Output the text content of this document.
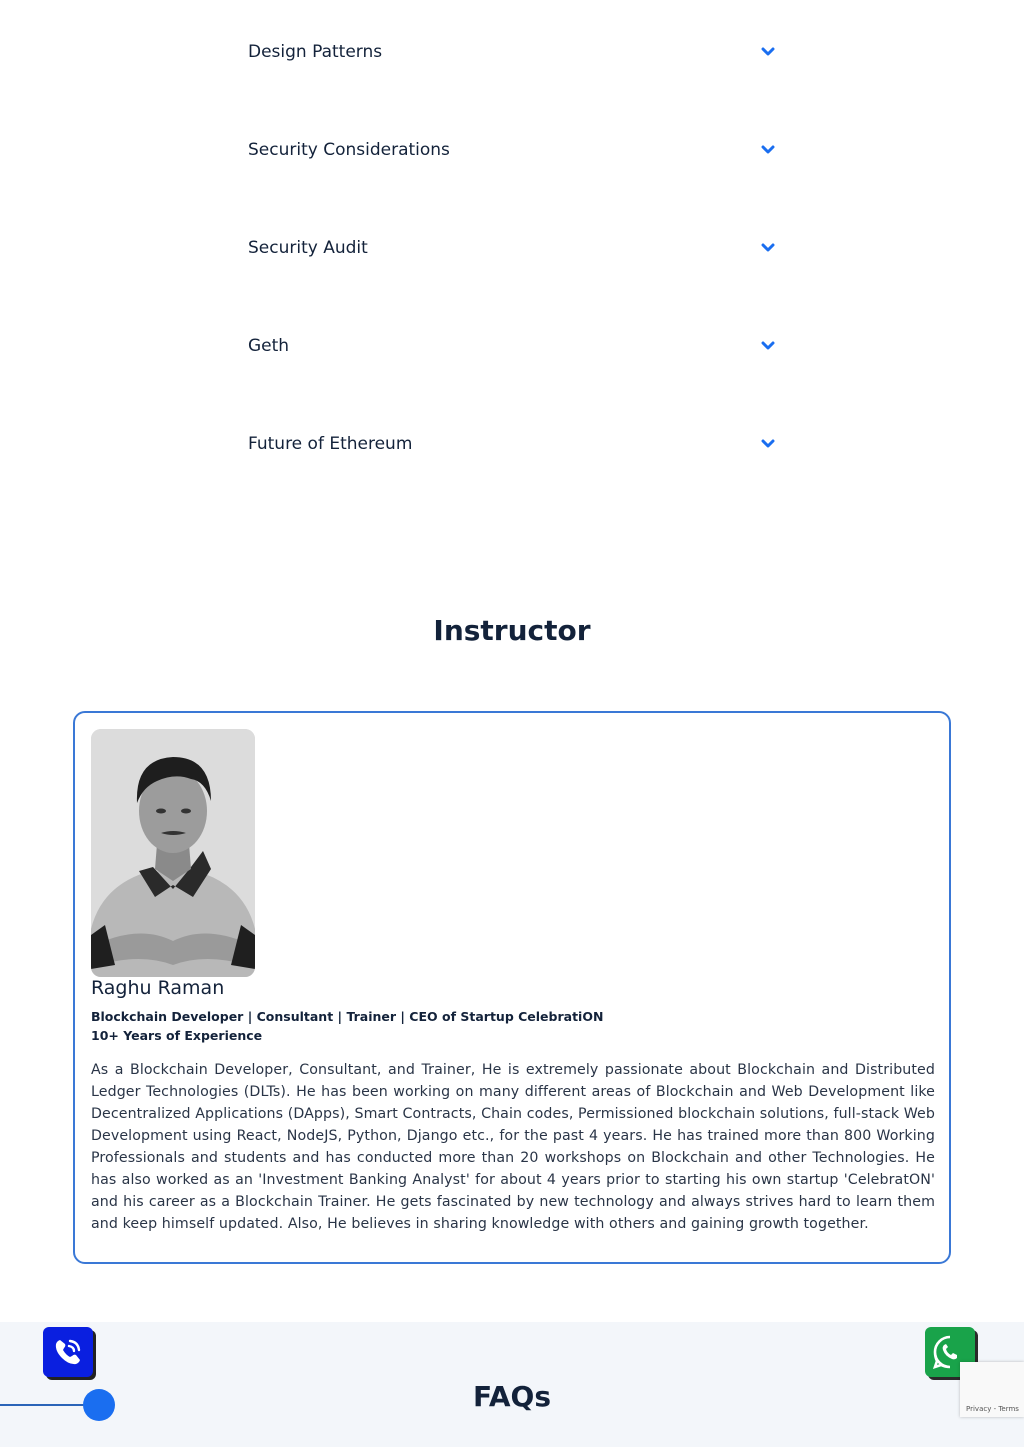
Design Patterns
Security Considerations
Security Audit
Geth
Future of Ethereum
Instructor
Raghu Raman
Blockchain Developer | Consultant | Trainer | CEO of Startup CelebratiON
10+ Years of Experience

As a Blockchain Developer, Consultant, and Trainer, He is extremely passionate about Blockchain and Distributed Ledger Technologies (DLTs). He has been working on many different areas of Blockchain and Web Development like Decentralized Applications (DApps), Smart Contracts, Chain codes, Permissioned blockchain solutions, full-stack Web Development using React, NodeJS, Python, Django etc., for the past 4 years. He has trained more than 800 Working Professionals and students and has conducted more than 20 workshops on Blockchain and other Technologies. He has also worked as an 'Investment Banking Analyst' for about 4 years prior to starting his own startup 'CelebratON' and his career as a Blockchain Trainer. He gets fascinated by new technology and always strives hard to learn them and keep himself updated. Also, He believes in sharing knowledge with others and gaining growth together.

FAQs	Privacy - Terms
